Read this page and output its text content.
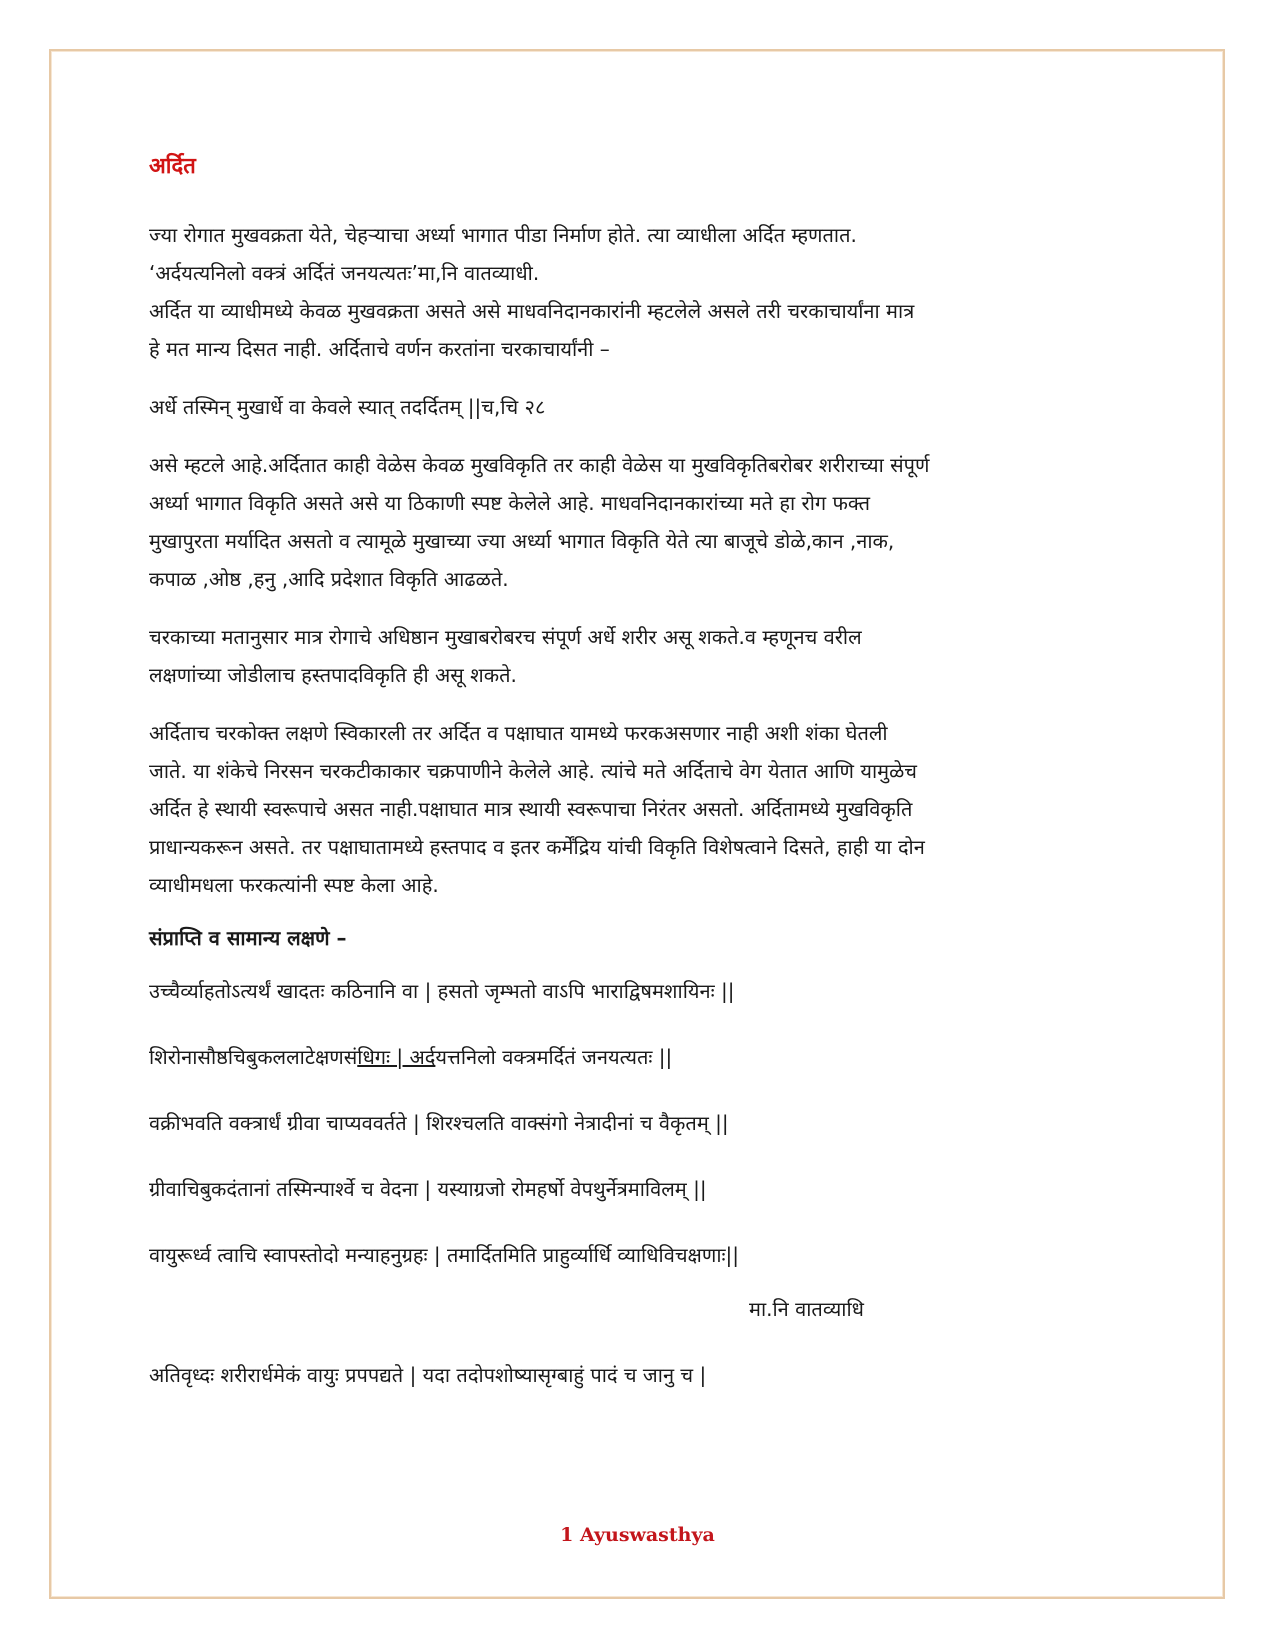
अर्दित
ज्या रोगात मुखवक्रता येते, चेहऱ्याचा अर्ध्या भागात पीडा निर्माण होते. त्या व्याधीला अर्दित म्हणतात.
‘अर्दयत्यनिलो वक्त्रं अर्दितं जनयत्यतः’मा,नि वातव्याधी.
अर्दित या व्याधीमध्ये केवळ मुखवक्रता असते असे माधवनिदानकारांनी म्हटलेले असले तरी चरकाचार्यांना मात्र
हे मत मान्य दिसत नाही. अर्दिताचे वर्णन करतांना चरकाचार्यांनी –
अर्धे तस्मिन् मुखार्धे वा केवले स्यात् तदर्दितम् ||च,चि २८
असे म्हटले आहे.अर्दितात काही वेळेस केवळ मुखविकृति तर काही वेळेस या मुखविकृतिबरोबर शरीराच्या संपूर्ण
अर्ध्या भागात विकृति असते असे या ठिकाणी स्पष्ट केलेले आहे. माधवनिदानकारांच्या मते हा रोग फक्त
मुखापुरता मर्यादित असतो व त्यामूळे मुखाच्या ज्या अर्ध्या भागात विकृति येते त्या बाजूचे डोळे,कान ,नाक,
कपाळ ,ओष्ठ ,हनु ,आदि प्रदेशात विकृति आढळते.
चरकाच्या मतानुसार मात्र रोगाचे अधिष्ठान मुखाबरोबरच संपूर्ण अर्धे शरीर असू शकते.व म्हणूनच वरील
लक्षणांच्या जोडीलाच हस्तपादविकृति ही असू शकते.
अर्दिताच चरकोक्त लक्षणे स्विकारली तर अर्दित व पक्षाघात यामध्ये फरकअसणार नाही अशी शंका घेतली
जाते. या शंकेचे निरसन चरकटीकाकार चक्रपाणीने केलेले आहे. त्यांचे मते अर्दिताचे वेग येतात आणि यामुळेच
अर्दित हे स्थायी स्वरूपाचे असत नाही.पक्षाघात मात्र स्थायी स्वरूपाचा निरंतर असतो. अर्दितामध्ये मुखविकृति
प्राधान्यकरून असते. तर पक्षाघातामध्ये हस्तपाद व इतर कर्मेंद्रिय यांची विकृति विशेषत्वाने दिसते, हाही या दोन
व्याधीमधला फरकत्यांनी स्पष्ट केला आहे.
संप्राप्ति व सामान्य लक्षणे –
उच्चैर्व्याहतोऽत्यर्थं खादतः कठिनानि वा | हसतो जृम्भतो वाऽपि भाराद्विषमशायिनः ||
शिरोनासौष्ठचिबुकललाटेक्षणसंधिगः | अर्दयत्तनिलो वक्त्रमर्दितं जनयत्यतः ||
वक्रीभवति वक्त्रार्धं ग्रीवा चाप्यववर्तते | शिरश्चलति वाक्संगो नेत्रादीनां च वैकृतम् ||
ग्रीवाचिबुकदंतानां तस्मिन्पार्श्वे च वेदना | यस्याग्रजो रोमहर्षो वेपथुर्नेत्रमाविलम् ||
वायुरूर्ध्व त्वाचि स्वापस्तोदो मन्याहनुग्रहः | तमार्दितमिति प्राहुर्व्यार्धि व्याधिविचक्षणाः||
मा.नि वातव्याधि
अतिवृध्दः शरीरार्धमेकं वायुः प्रपपद्यते | यदा तदोपशोष्यासृग्बाहुं पादं च जानु च |
1 Ayuswasthya
